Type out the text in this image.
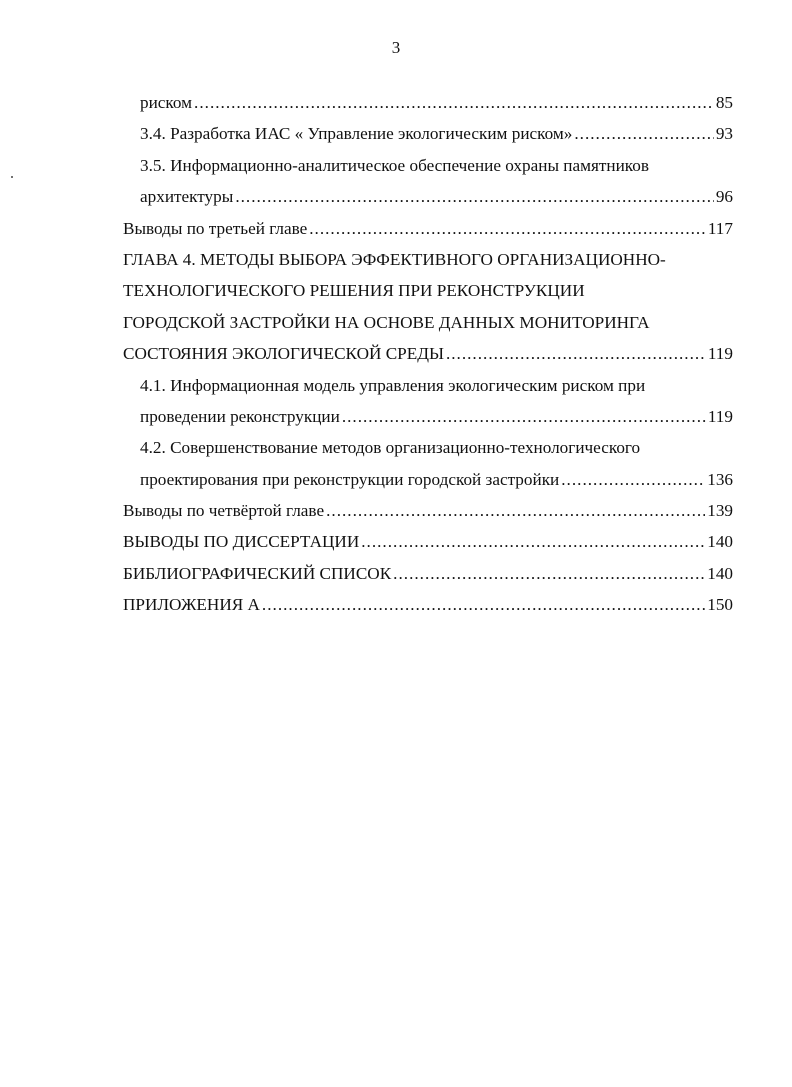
3
риском .....	85
3.4. Разработка ИАС « Управление экологическим риском» .....	93
3.5. Информационно-аналитическое обеспечение охраны памятников
архитектуры .....	96
Выводы по третьей главе .....	117
ГЛАВА 4. МЕТОДЫ ВЫБОРА ЭФФЕКТИВНОГО ОРГАНИЗАЦИОННО-
ТЕХНОЛОГИЧЕСКОГО РЕШЕНИЯ ПРИ РЕКОНСТРУКЦИИ
ГОРОДСКОЙ ЗАСТРОЙКИ НА ОСНОВЕ ДАННЫХ МОНИТОРИНГА
СОСТОЯНИЯ ЭКОЛОГИЧЕСКОЙ СРЕДЫ .....	119
4.1. Информационная модель управления экологическим риском при
проведении реконструкции .....	119
4.2. Совершенствование методов организационно-технологического
проектирования при реконструкции городской застройки .....	136
Выводы по четвёртой главе .....	139
ВЫВОДЫ ПО ДИССЕРТАЦИИ .....	140
БИБЛИОГРАФИЧЕСКИЙ СПИСОК .....	140
ПРИЛОЖЕНИЯ А .....	150
